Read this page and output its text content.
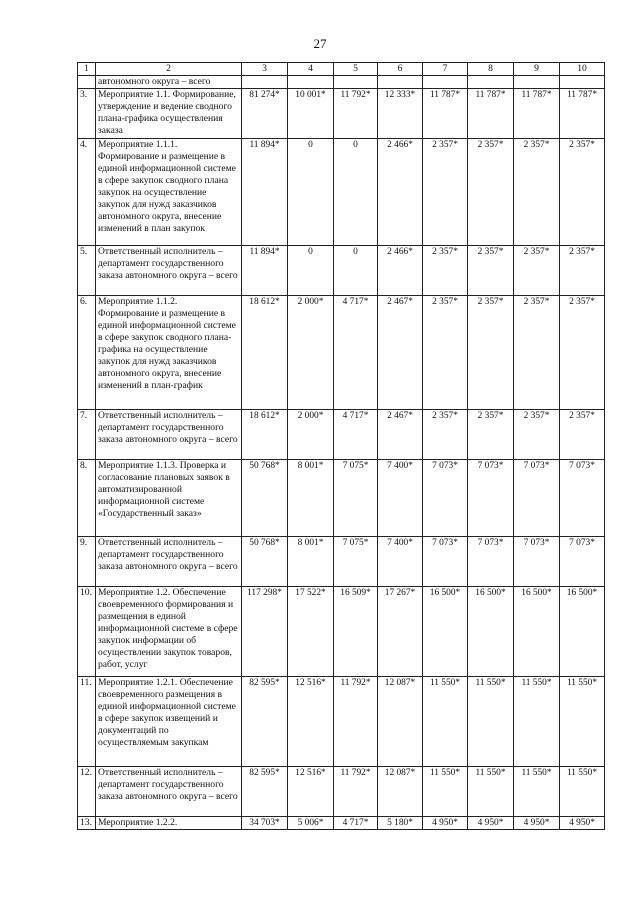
27
1	2	3	4	5	6	7	8	9	10
	автономного округа – всего								
3.	Мероприятие 1.1. Формирование, утверждение и ведение сводного плана-графика осуществления заказа	81 274*	10 001*	11 792*	12 333*	11 787*	11 787*	11 787*	11 787*
4.	Мероприятие 1.1.1. Формирование и размещение в единой информационной системе в сфере закупок сводного плана закупок на осуществление закупок для нужд заказчиков автономного округа, внесение изменений в план закупок	11 894*	0	0	2 466*	2 357*	2 357*	2 357*	2 357*
5.	Ответственный исполнитель – департамент государственного заказа автономного округа – всего	11 894*	0	0	2 466*	2 357*	2 357*	2 357*	2 357*
6.	Мероприятие 1.1.2. Формирование и размещение в единой информационной системе в сфере закупок сводного плана-графика на осуществление закупок для нужд заказчиков автономного округа, внесение изменений в план-график	18 612*	2 000*	4 717*	2 467*	2 357*	2 357*	2 357*	2 357*
7.	Ответственный исполнитель – департамент государственного заказа автономного округа – всего	18 612*	2 000*	4 717*	2 467*	2 357*	2 357*	2 357*	2 357*
8.	Мероприятие 1.1.3. Проверка и согласование плановых заявок в автоматизированной информационной системе «Государственный заказ»	50 768*	8 001*	7 075*	7 400*	7 073*	7 073*	7 073*	7 073*
9.	Ответственный исполнитель – департамент государственного заказа автономного округа – всего	50 768*	8 001*	7 075*	7 400*	7 073*	7 073*	7 073*	7 073*
10.	Мероприятие 1.2. Обеспечение своевременного формирования и размещения в единой информационной системе в сфере закупок информации об осуществлении закупок товаров, работ, услуг	117 298*	17 522*	16 509*	17 267*	16 500*	16 500*	16 500*	16 500*
11.	Мероприятие 1.2.1. Обеспечение своевременного размещения в единой информационной системе в сфере закупок извещений и документаций по осуществляемым закупкам	82 595*	12 516*	11 792*	12 087*	11 550*	11 550*	11 550*	11 550*
12.	Ответственный исполнитель – департамент государственного заказа автономного округа – всего	82 595*	12 516*	11 792*	12 087*	11 550*	11 550*	11 550*	11 550*
13.	Мероприятие 1.2.2.	34 703*	5 006*	4 717*	5 180*	4 950*	4 950*	4 950*	4 950*
